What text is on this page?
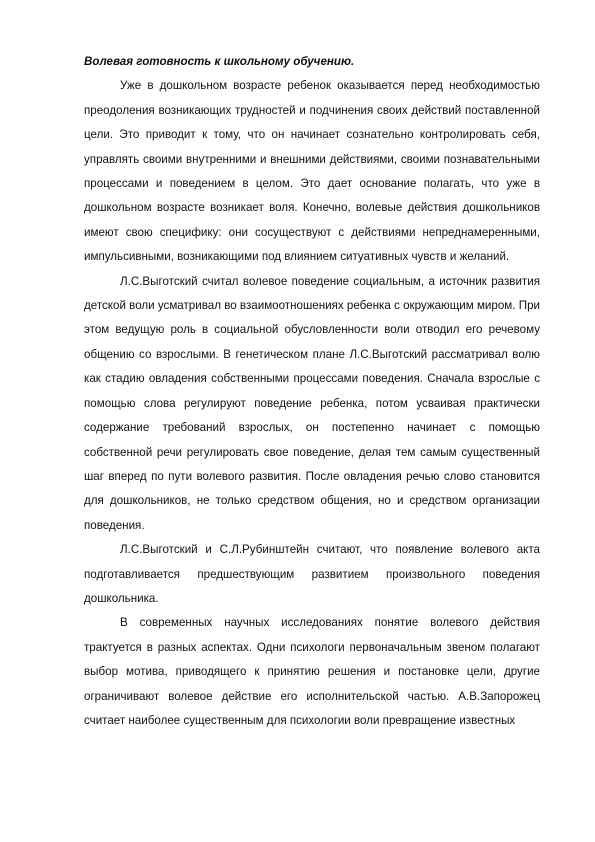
Волевая готовность к школьному обучению.

Уже в дошкольном возрасте ребенок оказывается перед необходимостью преодоления возникающих трудностей и подчинения своих действий поставленной цели. Это приводит к тому, что он начинает сознательно контролировать себя, управлять своими внутренними и внешними действиями, своими познавательными процессами и поведением в целом. Это дает основание полагать, что уже в дошкольном возрасте возникает воля. Конечно, волевые действия дошкольников имеют свою специфику: они сосуществуют с действиями непреднамеренными, импульсивными, возникающими под влиянием ситуативных чувств и желаний.

Л.С.Выготский считал волевое поведение социальным, а источник развития детской воли усматривал во взаимоотношениях ребенка с окружающим миром. При этом ведущую роль в социальной обусловленности воли отводил его речевому общению со взрослыми. В генетическом плане Л.С.Выготский рассматривал волю как стадию овладения собственными процессами поведения. Сначала взрослые с помощью слова регулируют поведение ребенка, потом усваивая практически содержание требований взрослых, он постепенно начинает с помощью собственной речи регулировать свое поведение, делая тем самым существенный шаг вперед по пути волевого развития. После овладения речью слово становится для дошкольников, не только средством общения, но и средством организации поведения.

Л.С.Выготский и С.Л.Рубинштейн считают, что появление волевого акта подготавливается предшествующим развитием произвольного поведения дошкольника.

В современных научных исследованиях понятие волевого действия трактуется в разных аспектах. Одни психологи первоначальным звеном полагают выбор мотива, приводящего к принятию решения и постановке цели, другие ограничивают волевое действие его исполнительской частью. А.В.Запорожец считает наиболее существенным для психологии воли превращение известных
